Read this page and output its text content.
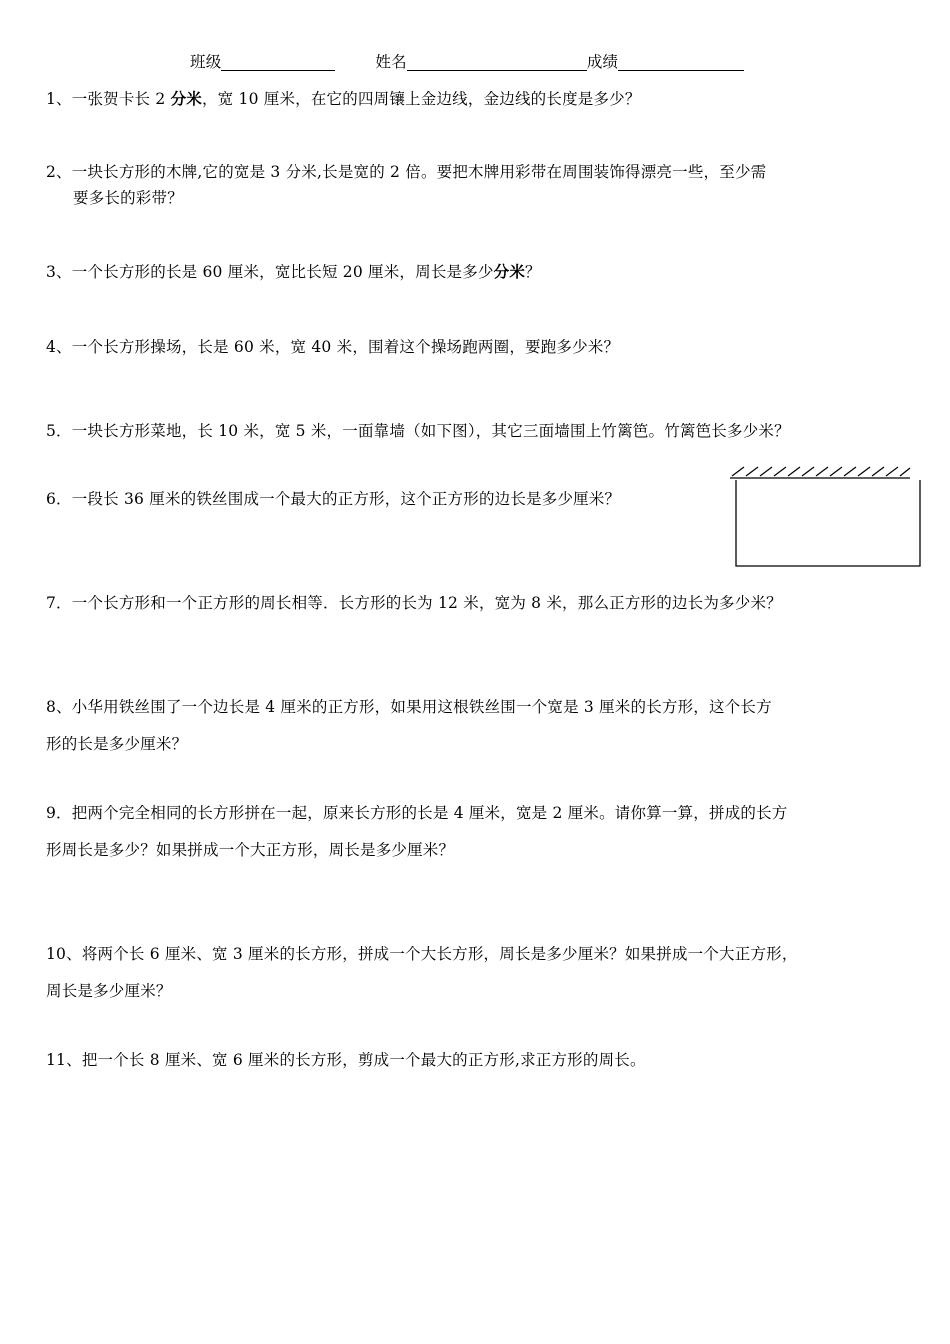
班级	姓名	成绩
1、一张贺卡长 2 分米，宽 10 厘米，在它的四周镶上金边线，金边线的长度是多少？
2、一块长方形的木牌,它的宽是 3 分米,长是宽的 2 倍。要把木牌用彩带在周围装饰得漂亮一些，至少需
要多长的彩带？
3、一个长方形的长是 60 厘米，宽比长短 20 厘米，周长是多少分米？
4、一个长方形操场，长是 60 米，宽 40 米，围着这个操场跑两圈，要跑多少米？
5．一块长方形菜地，长 10 米，宽 5 米，一面靠墙（如下图），其它三面墙围上竹篱笆。竹篱笆长多少米？
6．一段长 36 厘米的铁丝围成一个最大的正方形，这个正方形的边长是多少厘米？
7．一个长方形和一个正方形的周长相等．长方形的长为 12 米，宽为 8 米，那么正方形的边长为多少米？
8、小华用铁丝围了一个边长是 4 厘米的正方形，如果用这根铁丝围一个宽是 3 厘米的长方形，这个长方
形的长是多少厘米？
9．把两个完全相同的长方形拼在一起，原来长方形的长是 4 厘米，宽是 2 厘米。请你算一算，拼成的长方
形周长是多少？如果拼成一个大正方形，周长是多少厘米？
10、将两个长 6 厘米、宽 3 厘米的长方形，拼成一个大长方形，周长是多少厘米？如果拼成一个大正方形，
周长是多少厘米？
11、把一个长 8 厘米、宽 6 厘米的长方形，剪成一个最大的正方形,求正方形的周长。
